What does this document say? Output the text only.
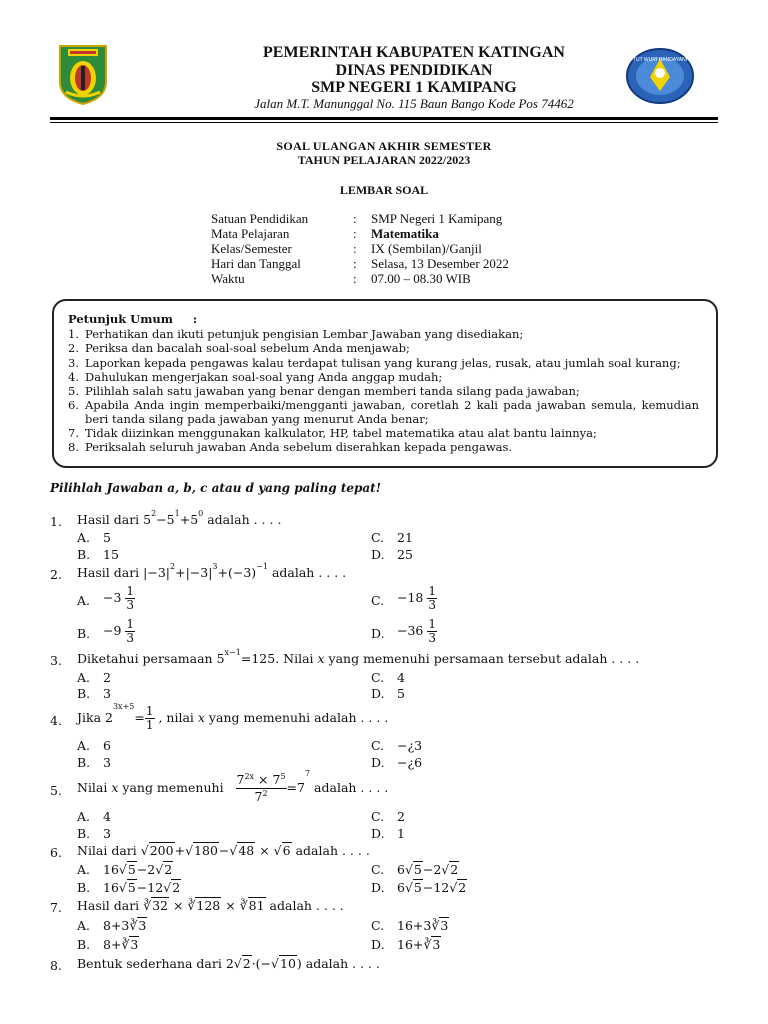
TUT WURI HANDAYANI
PEMERINTAH KABUPATEN KATINGAN
DINAS PENDIDIKAN
SMP NEGERI 1 KAMIPANG
Jalan M.T. Manunggal No. 115 Baun Bango Kode Pos 74462
SOAL ULANGAN AKHIR SEMESTER
TAHUN PELAJARAN 2022/2023
LEMBAR SOAL
Satuan Pendidikan	: SMP Negeri 1 Kamipang
Mata Pelajaran	: Matematika
Kelas/Semester	: IX (Sembilan)/Ganjil
Hari dan Tanggal	: Selasa, 13 Desember 2022
Waktu	: 07.00 – 08.30 WIB
Petunjuk Umum     :
1. Perhatikan dan ikuti petunjuk pengisian Lembar Jawaban yang disediakan;
2. Periksa dan bacalah soal-soal sebelum Anda menjawab;
3. Laporkan kepada pengawas kalau terdapat tulisan yang kurang jelas, rusak, atau jumlah soal kurang;
4. Dahulukan mengerjakan soal-soal yang Anda anggap mudah;
5. Pilihlah salah satu jawaban yang benar dengan memberi tanda silang pada jawaban;
6. Apabila Anda ingin memperbaiki/mengganti jawaban, coretlah 2 kali pada jawaban semula, kemudian beri tanda silang pada jawaban yang menurut Anda benar;
7. Tidak diizinkan menggunakan kalkulator, HP, tabel matematika atau alat bantu lainnya;
8. Periksalah seluruh jawaban Anda sebelum diserahkan kepada pengawas.
Pilihlah Jawaban a, b, c atau d yang paling tepat!
1. Hasil dari $5^2-5^1+5^0$ adalah . . . .
A. 5	C. 21
B. 15	D. 25
2. Hasil dari $|-3|^2+|-3|^3+(-3)^{-1}$ adalah . . . .
A. $-3 \frac{1}{3}$	C. $-18 \frac{1}{3}$
B. $-9 \frac{1}{3}$	D. $-36 \frac{1}{3}$
3. Diketahui persamaan $5^{x-1}=125$. Nilai x yang memenuhi persamaan tersebut adalah . . . .
A. 2	C. 4
B. 3	D. 5
4. Jika $2^{3x+5}= \frac{1}{1}$ , nilai x yang memenuhi adalah . . . .
A. 6	C. −¿3
B. 3	D. −¿6
5. Nilai x yang memenuhi $\frac{7^{2x} \times 7^5}{7^2} =7^7$ adalah . . . .
A. 4	C. 2
B. 3	D. 1
6. Nilai dari √200+√180−√48 × √6 adalah . . . .
A. 16√5−2√2	C. 6√5−2√2
B. 16√5−12√2	D. 6√5−12√2
7. Hasil dari ∛32 × ∛128 × ∛81 adalah . . . .
A. 8+3∛3	C. 16+3∛3
B. 8+∛3	D. 16+∛3
8. Bentuk sederhana dari 2√2·(−√10) adalah . . . .
